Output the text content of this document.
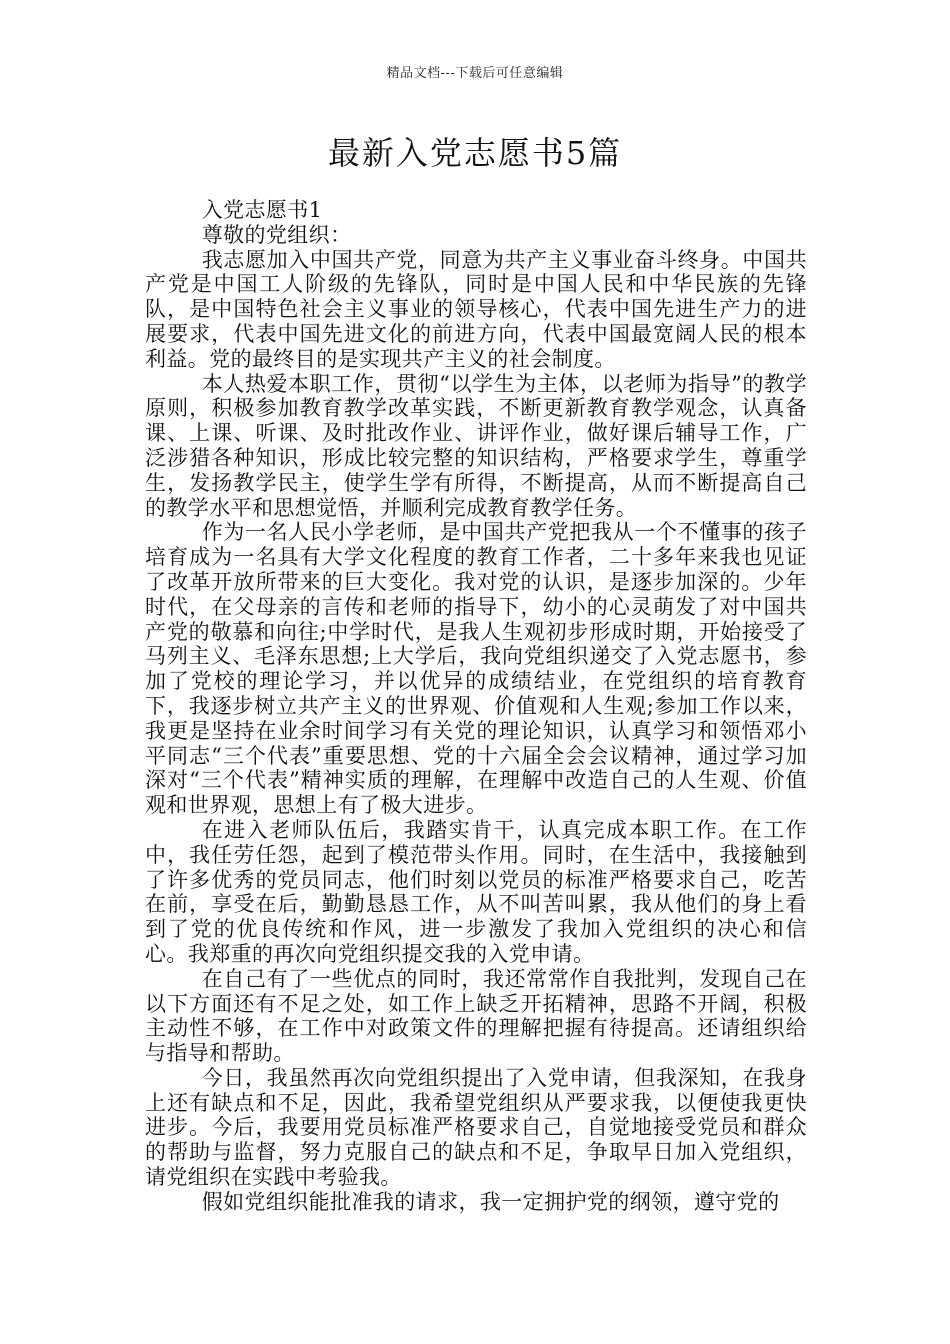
精品文档---下载后可任意编辑
最新入党志愿书5篇

入党志愿书1

尊敬的党组织：

我志愿加入中国共产党，同意为共产主义事业奋斗终身。中国共产党是中国工人阶级的先锋队，同时是中国人民和中华民族的先锋队，是中国特色社会主义事业的领导核心，代表中国先进生产力的进展要求，代表中国先进文化的前进方向，代表中国最宽阔人民的根本利益。党的最终目的是实现共产主义的社会制度。

本人热爱本职工作，贯彻“以学生为主体，以老师为指导”的教学原则，积极参加教育教学改革实践，不断更新教育教学观念，认真备课、上课、听课、及时批改作业、讲评作业，做好课后辅导工作，广泛涉猎各种知识，形成比较完整的知识结构，严格要求学生，尊重学生，发扬教学民主，使学生学有所得，不断提高，从而不断提高自己的教学水平和思想觉悟，并顺利完成教育教学任务。

作为一名人民小学老师，是中国共产党把我从一个不懂事的孩子培育成为一名具有大学文化程度的教育工作者，二十多年来我也见证了改革开放所带来的巨大变化。我对党的认识，是逐步加深的。少年时代，在父母亲的言传和老师的指导下，幼小的心灵萌发了对中国共产党的敬慕和向往;中学时代，是我人生观初步形成时期，开始接受了马列主义、毛泽东思想;上大学后，我向党组织递交了入党志愿书，参加了党校的理论学习，并以优异的成绩结业，在党组织的培育教育下，我逐步树立共产主义的世界观、价值观和人生观;参加工作以来，我更是坚持在业余时间学习有关党的理论知识，认真学习和领悟邓小平同志“三个代表”重要思想、党的十六届全会会议精神，通过学习加深对“三个代表”精神实质的理解，在理解中改造自己的人生观、价值观和世界观，思想上有了极大进步。

在进入老师队伍后，我踏实肯干，认真完成本职工作。在工作中，我任劳任怨，起到了模范带头作用。同时，在生活中，我接触到了许多优秀的党员同志，他们时刻以党员的标准严格要求自己，吃苦在前，享受在后，勤勤恳恳工作，从不叫苦叫累，我从他们的身上看到了党的优良传统和作风，进一步激发了我加入党组织的决心和信心。我郑重的再次向党组织提交我的入党申请。

在自己有了一些优点的同时，我还常常作自我批判，发现自己在以下方面还有不足之处，如工作上缺乏开拓精神，思路不开阔，积极主动性不够，在工作中对政策文件的理解把握有待提高。还请组织给与指导和帮助。

今日，我虽然再次向党组织提出了入党申请，但我深知，在我身上还有缺点和不足，因此，我希望党组织从严要求我，以便使我更快进步。今后，我要用党员标准严格要求自己，自觉地接受党员和群众的帮助与监督，努力克服自己的缺点和不足，争取早日加入党组织，请党组织在实践中考验我。

假如党组织能批准我的请求，我一定拥护党的纲领，遵守党的
